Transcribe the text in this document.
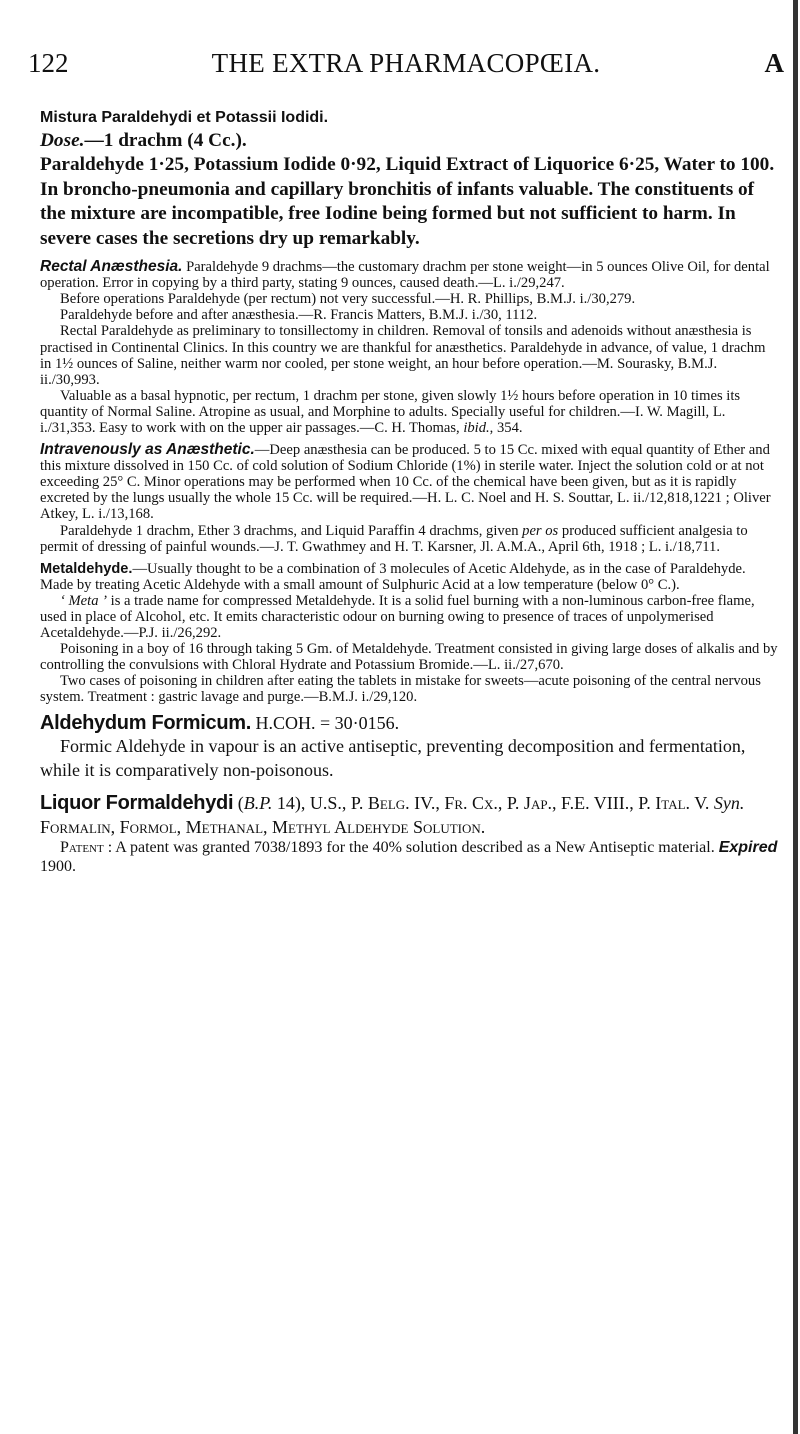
122	THE EXTRA PHARMACOPŒIA.	A

Mistura Paraldehydi et Potassii Iodidi.

Dose.—1 drachm (4 Cc.).

Paraldehyde 1·25, Potassium Iodide 0·92, Liquid Extract of Liquorice 6·25, Water to 100.

In broncho-pneumonia and capillary bronchitis of infants valuable. The constituents of the mixture are incompatible, free Iodine being formed but not sufficient to harm. In severe cases the secretions dry up remarkably.

Rectal Anæsthesia. Paraldehyde 9 drachms—the customary drachm per stone weight—in 5 ounces Olive Oil, for dental operation. Error in copying by a third party, stating 9 ounces, caused death.—L. i./29,247.

Before operations Paraldehyde (per rectum) not very successful.—H. R. Phillips, B.M.J. i./30,279.

Paraldehyde before and after anæsthesia.—R. Francis Matters, B.M.J. i./30, 1112.

Rectal Paraldehyde as preliminary to tonsillectomy in children. Removal of tonsils and adenoids without anæsthesia is practised in Continental Clinics. In this country we are thankful for anæsthetics. Paraldehyde in advance, of value, 1 drachm in 1½ ounces of Saline, neither warm nor cooled, per stone weight, an hour before operation.—M. Sourasky, B.M.J. ii./30,993.

Valuable as a basal hypnotic, per rectum, 1 drachm per stone, given slowly 1½ hours before operation in 10 times its quantity of Normal Saline. Atropine as usual, and Morphine to adults. Specially useful for children.—I. W. Magill, L. i./31,353. Easy to work with on the upper air passages.—C. H. Thomas, ibid., 354.

Intravenously as Anæsthetic.—Deep anæsthesia can be produced. 5 to 15 Cc. mixed with equal quantity of Ether and this mixture dissolved in 150 Cc. of cold solution of Sodium Chloride (1%) in sterile water. Inject the solution cold or at not exceeding 25° C. Minor operations may be performed when 10 Cc. of the chemical have been given, but as it is rapidly excreted by the lungs usually the whole 15 Cc. will be required.—H. L. C. Noel and H. S. Souttar, L. ii./12,818,1221 ; Oliver Atkey, L. i./13,168.

Paraldehyde 1 drachm, Ether 3 drachms, and Liquid Paraffin 4 drachms, given per os produced sufficient analgesia to permit of dressing of painful wounds.—J. T. Gwathmey and H. T. Karsner, Jl. A.M.A., April 6th, 1918 ; L. i./18,711.

Metaldehyde.—Usually thought to be a combination of 3 molecules of Acetic Aldehyde, as in the case of Paraldehyde. Made by treating Acetic Aldehyde with a small amount of Sulphuric Acid at a low temperature (below 0° C.).

‘ Meta ’ is a trade name for compressed Metaldehyde. It is a solid fuel burning with a non-luminous carbon-free flame, used in place of Alcohol, etc. It emits characteristic odour on burning owing to presence of traces of unpolymerised Acetaldehyde.—P.J. ii./26,292.

Poisoning in a boy of 16 through taking 5 Gm. of Metaldehyde. Treatment consisted in giving large doses of alkalis and by controlling the convulsions with Chloral Hydrate and Potassium Bromide.—L. ii./27,670.

Two cases of poisoning in children after eating the tablets in mistake for sweets—acute poisoning of the central nervous system. Treatment : gastric lavage and purge.—B.M.J. i./29,120.

Aldehydum Formicum. H.COH. = 30·0156.

Formic Aldehyde in vapour is an active antiseptic, preventing decomposition and fermentation, while it is comparatively non-poisonous.

Liquor Formaldehydi (B.P. 14), U.S., P. Belg. IV., Fr. Cx., P. Jap., F.E. VIII., P. Ital. V. Syn. Formalin, Formol, Methanal, Methyl Aldehyde Solution.

Patent : A patent was granted 7038/1893 for the 40% solution described as a New Antiseptic material. Expired 1900.
